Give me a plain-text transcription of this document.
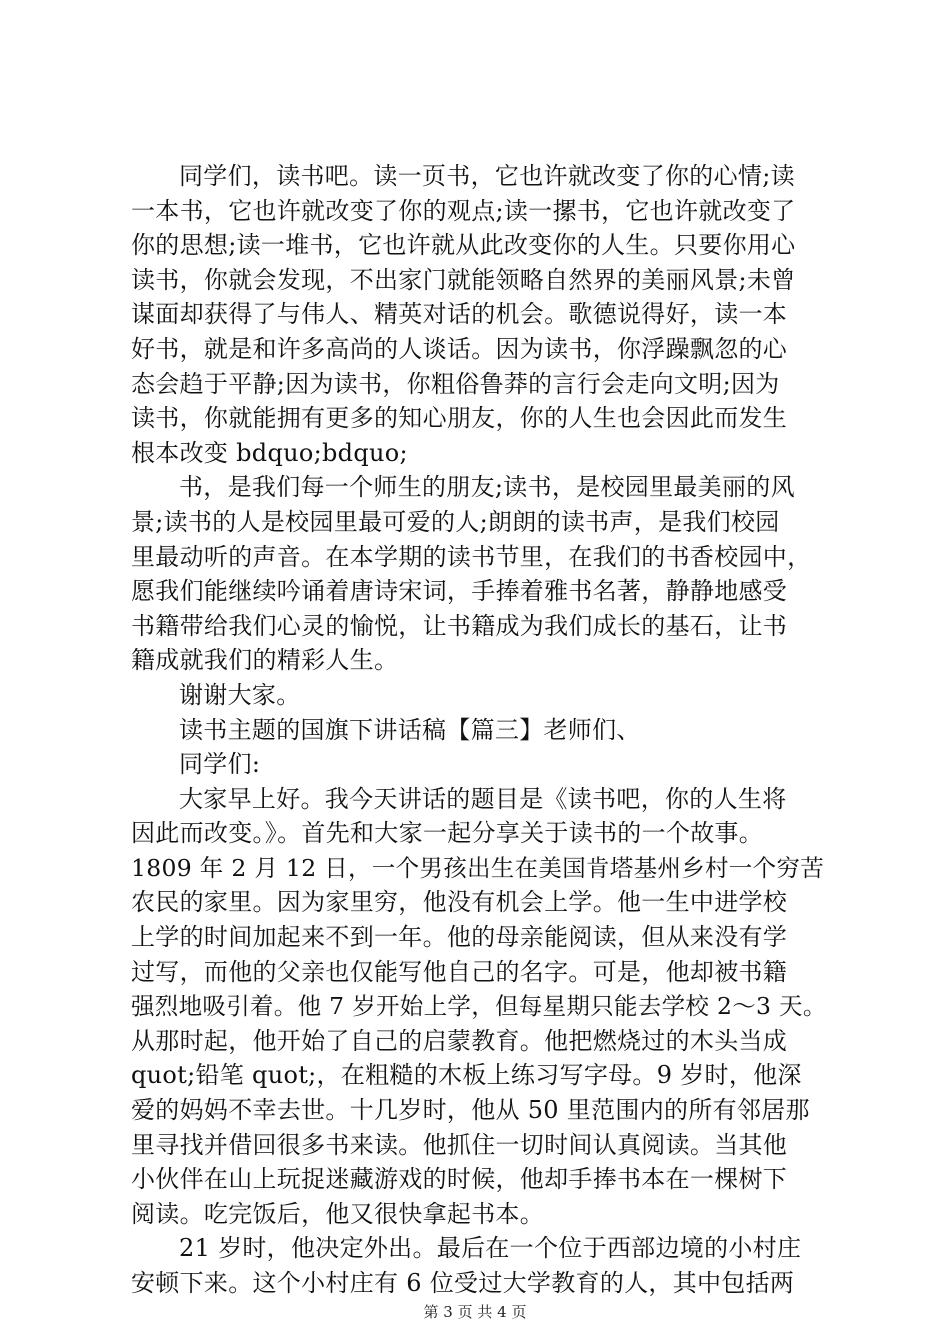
同学们，读书吧。读一页书，它也许就改变了你的心情;读
一本书，它也许就改变了你的观点;读一摞书，它也许就改变了
你的思想;读一堆书，它也许就从此改变你的人生。只要你用心
读书，你就会发现，不出家门就能领略自然界的美丽风景;未曾
谋面却获得了与伟人、精英对话的机会。歌德说得好，读一本
好书，就是和许多高尚的人谈话。因为读书，你浮躁飘忽的心
态会趋于平静;因为读书，你粗俗鲁莽的言行会走向文明;因为
读书，你就能拥有更多的知心朋友，你的人生也会因此而发生
根本改变 bdquo;bdquo;
书，是我们每一个师生的朋友;读书，是校园里最美丽的风
景;读书的人是校园里最可爱的人;朗朗的读书声，是我们校园
里最动听的声音。在本学期的读书节里，在我们的书香校园中，
愿我们能继续吟诵着唐诗宋词，手捧着雅书名著，静静地感受
书籍带给我们心灵的愉悦，让书籍成为我们成长的基石，让书
籍成就我们的精彩人生。
谢谢大家。
读书主题的国旗下讲话稿【篇三】老师们、
同学们:
大家早上好。我今天讲话的题目是《读书吧，你的人生将
因此而改变。》。首先和大家一起分享关于读书的一个故事。
1809 年 2 月 12 日，一个男孩出生在美国肯塔基州乡村一个穷苦
农民的家里。因为家里穷，他没有机会上学。他一生中进学校
上学的时间加起来不到一年。他的母亲能阅读，但从来没有学
过写，而他的父亲也仅能写他自己的名字。可是，他却被书籍
强烈地吸引着。他 7 岁开始上学，但每星期只能去学校 2～3 天。
从那时起，他开始了自己的启蒙教育。他把燃烧过的木头当成
quot;铅笔 quot;，在粗糙的木板上练习写字母。9 岁时，他深
爱的妈妈不幸去世。十几岁时，他从 50 里范围内的所有邻居那
里寻找并借回很多书来读。他抓住一切时间认真阅读。当其他
小伙伴在山上玩捉迷藏游戏的时候，他却手捧书本在一棵树下
阅读。吃完饭后，他又很快拿起书本。
21 岁时，他决定外出。最后在一个位于西部边境的小村庄
安顿下来。这个小村庄有 6 位受过大学教育的人，其中包括两
第 3 页 共 4 页
